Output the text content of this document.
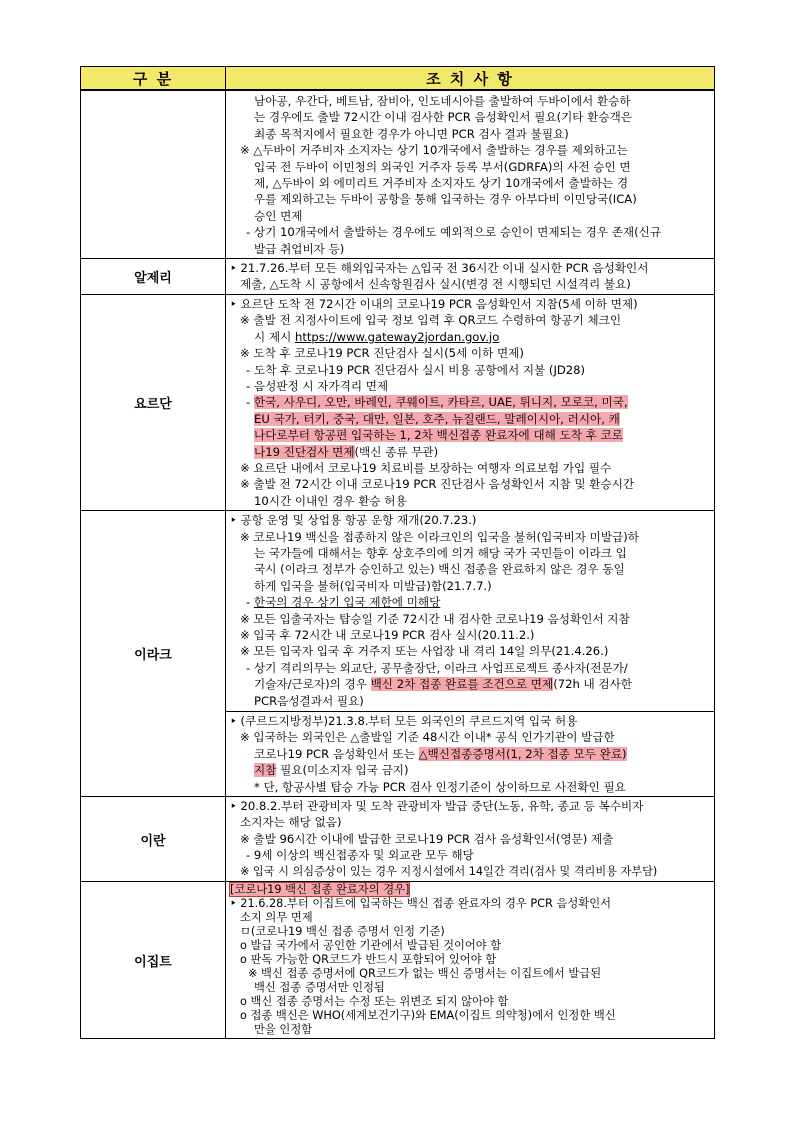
구 분	조 치 사 항
남아공, 우간다, 베트남, 잠비아, 인도네시아를 출발하여 두바이에서 환승하
는 경우에도 출발 72시간 이내 검사한 PCR 음성확인서 필요(기타 환승객은
최종 목적지에서 필요한 경우가 아니면 PCR 검사 결과 불필요)
※ △두바이 거주비자 소지자는 상기 10개국에서 출발하는 경우를 제외하고는
입국 전 두바이 이민청의 외국인 거주자 등록 부서(GDRFA)의 사전 승인 면
제, △두바이 외 에미리트 거주비자 소지자도 상기 10개국에서 출발하는 경
우를 제외하고는 두바이 공항을 통해 입국하는 경우 아부다비 이민당국(ICA)
승인 면제
- 상기 10개국에서 출발하는 경우에도 예외적으로 승인이 면제되는 경우 존재(신규
발급 취업비자 등)
알제리
‣ 21.7.26.부터 모든 해외입국자는 △입국 전 36시간 이내 실시한 PCR 음성확인서
제출, △도착 시 공항에서 신속항원검사 실시(변경 전 시행되던 시설격리 불요)
요르단
‣ 요르단 도착 전 72시간 이내의 코로나19 PCR 음성확인서 지참(5세 이하 면제)
※ 출발 전 지정사이트에 입국 정보 입력 후 QR코드 수령하여 항공기 체크인
시 제시 https://www.gateway2jordan.gov.jo
※ 도착 후 코로나19 PCR 진단검사 실시(5세 이하 면제)
- 도착 후 코로나19 PCR 진단검사 실시 비용 공항에서 지불 (JD28)
- 음성판정 시 자가격리 면제
- 한국, 사우디, 오만, 바레인, 쿠웨이트, 카타르, UAE, 튀니지, 모로코, 미국,
EU 국가, 터키, 중국, 대만, 일본, 호주, 뉴질랜드, 말레이시아, 러시아, 캐
나다로부터 항공편 입국하는 1, 2차 백신접종 완료자에 대해 도착 후 코로
나19 진단검사 면제(백신 종류 무관)
※ 요르단 내에서 코로나19 치료비를 보장하는 여행자 의료보험 가입 필수
※ 출발 전 72시간 이내 코로나19 PCR 진단검사 음성확인서 지참 및 환승시간
10시간 이내인 경우 환승 허용
이라크
‣ 공항 운영 및 상업용 항공 운항 재개(20.7.23.)
※ 코로나19 백신을 접종하지 않은 이라크인의 입국을 불허(입국비자 미발급)하
는 국가들에 대해서는 향후 상호주의에 의거 해당 국가 국민들이 이라크 입
국시 (이라크 정부가 승인하고 있는) 백신 접종을 완료하지 않은 경우 동일
하게 입국을 불허(입국비자 미발급)함(21.7.7.)
- 한국의 경우 상기 입국 제한에 미해당
※ 모든 입출국자는 탑승일 기준 72시간 내 검사한 코로나19 음성확인서 지참
※ 입국 후 72시간 내 코로나19 PCR 검사 실시(20.11.2.)
※ 모든 입국자 입국 후 거주지 또는 사업장 내 격리 14일 의무(21.4.26.)
- 상기 격리의무는 외교단, 공무출장단, 이라크 사업프로젝트 종사자(전문가/
기술자/근로자)의 경우 백신 2차 접종 완료를 조건으로 면제(72h 내 검사한
PCR음성결과서 필요)
‣ (쿠르드지방정부)21.3.8.부터 모든 외국인의 쿠르드지역 입국 허용
※ 입국하는 외국인은 △출발일 기준 48시간 이내* 공식 인가기관이 발급한
코로나19 PCR 음성확인서 또는 △백신접종증명서(1, 2차 접종 모두 완료)
지참 필요(미소지자 입국 금지)
* 단, 항공사별 탑승 가능 PCR 검사 인정기준이 상이하므로 사전확인 필요
이란
‣ 20.8.2.부터 관광비자 및 도착 관광비자 발급 중단(노동, 유학, 종교 등 복수비자
소지자는 해당 없음)
※ 출발 96시간 이내에 발급한 코로나19 PCR 검사 음성확인서(영문) 제출
- 9세 이상의 백신접종자 및 외교관 모두 해당
※ 입국 시 의심증상이 있는 경우 지정시설에서 14일간 격리(검사 및 격리비용 자부담)
이집트
[코로나19 백신 접종 완료자의 경우]
‣ 21.6.28.부터 이집트에 입국하는 백신 접종 완료자의 경우 PCR 음성확인서
소지 의무 면제
ㅁ(코로나19 백신 접종 증명서 인정 기준)
o 발급 국가에서 공인한 기관에서 발급된 것이어야 함
o 판독 가능한 QR코드가 반드시 포함되어 있어야 함
※ 백신 접종 증명서에 QR코드가 없는 백신 증명서는 이집트에서 발급된
백신 접종 증명서만 인정됨
o 백신 접종 증명서는 수정 또는 위변조 되지 않아야 함
o 접종 백신은 WHO(세계보건기구)와 EMA(이집트 의약청)에서 인정한 백신
만을 인정함
